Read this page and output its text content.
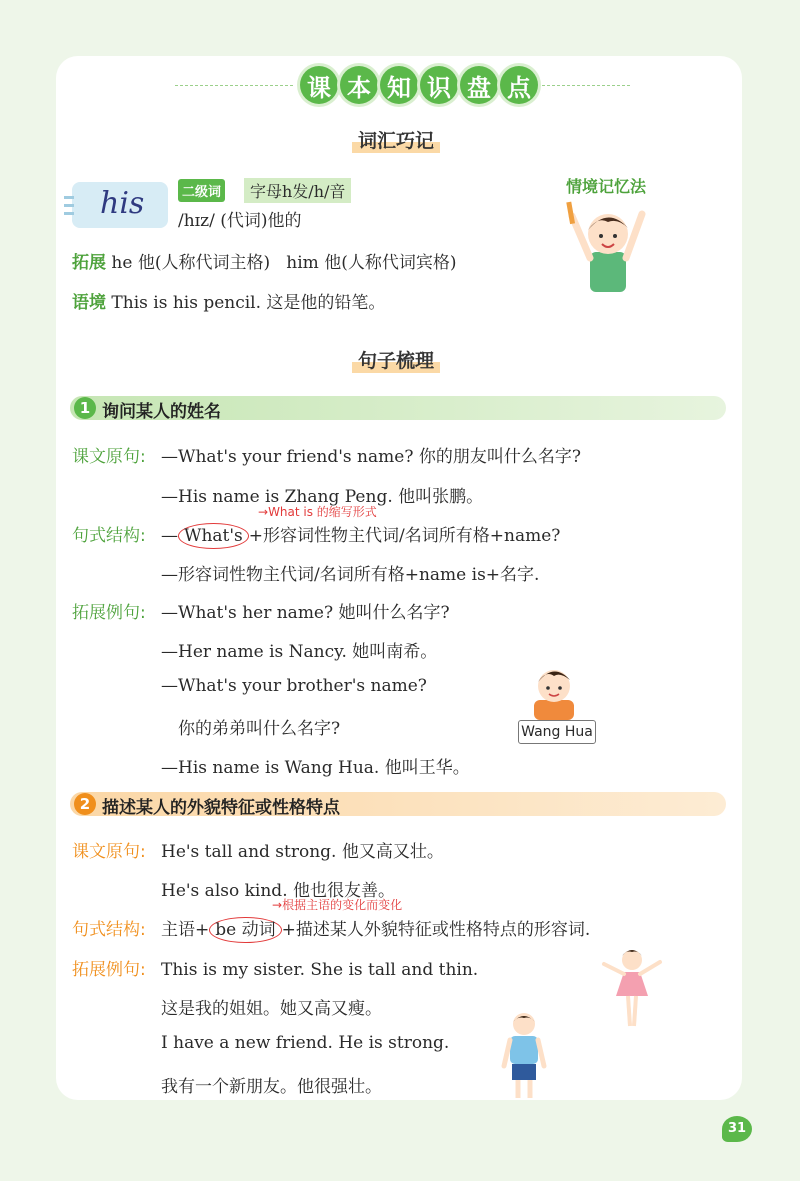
课 本 知 识 盘 点
词汇巧记
his	二级词	字母h发/h/音
/hɪz/ (代词)他的
拓展 he 他(人称代词主格)   him 他(人称代词宾格)
语境 This is his pencil. 这是他的铅笔。
情境记忆法
句子梳理
1 询问某人的姓名
课文原句: —What's your friend's name? 你的朋友叫什么名字?
—His name is Zhang Peng. 他叫张鹏。
→What is 的缩写形式
句式结构: — What's +形容词性物主代词/名词所有格+name?
—形容词性物主代词/名词所有格+name is+名字.
拓展例句: —What's her name? 她叫什么名字?
—Her name is Nancy. 她叫南希。
—What's your brother's name?
你的弟弟叫什么名字?
—His name is Wang Hua. 他叫王华。
Wang Hua
2 描述某人的外貌特征或性格特点
课文原句: He's tall and strong. 他又高又壮。
He's also kind. 他也很友善。
→根据主语的变化而变化
句式结构: 主语+ be 动词 +描述某人外貌特征或性格特点的形容词.
拓展例句: This is my sister. She is tall and thin.
这是我的姐姐。她又高又瘦。
I have a new friend. He is strong.
我有一个新朋友。他很强壮。
31
